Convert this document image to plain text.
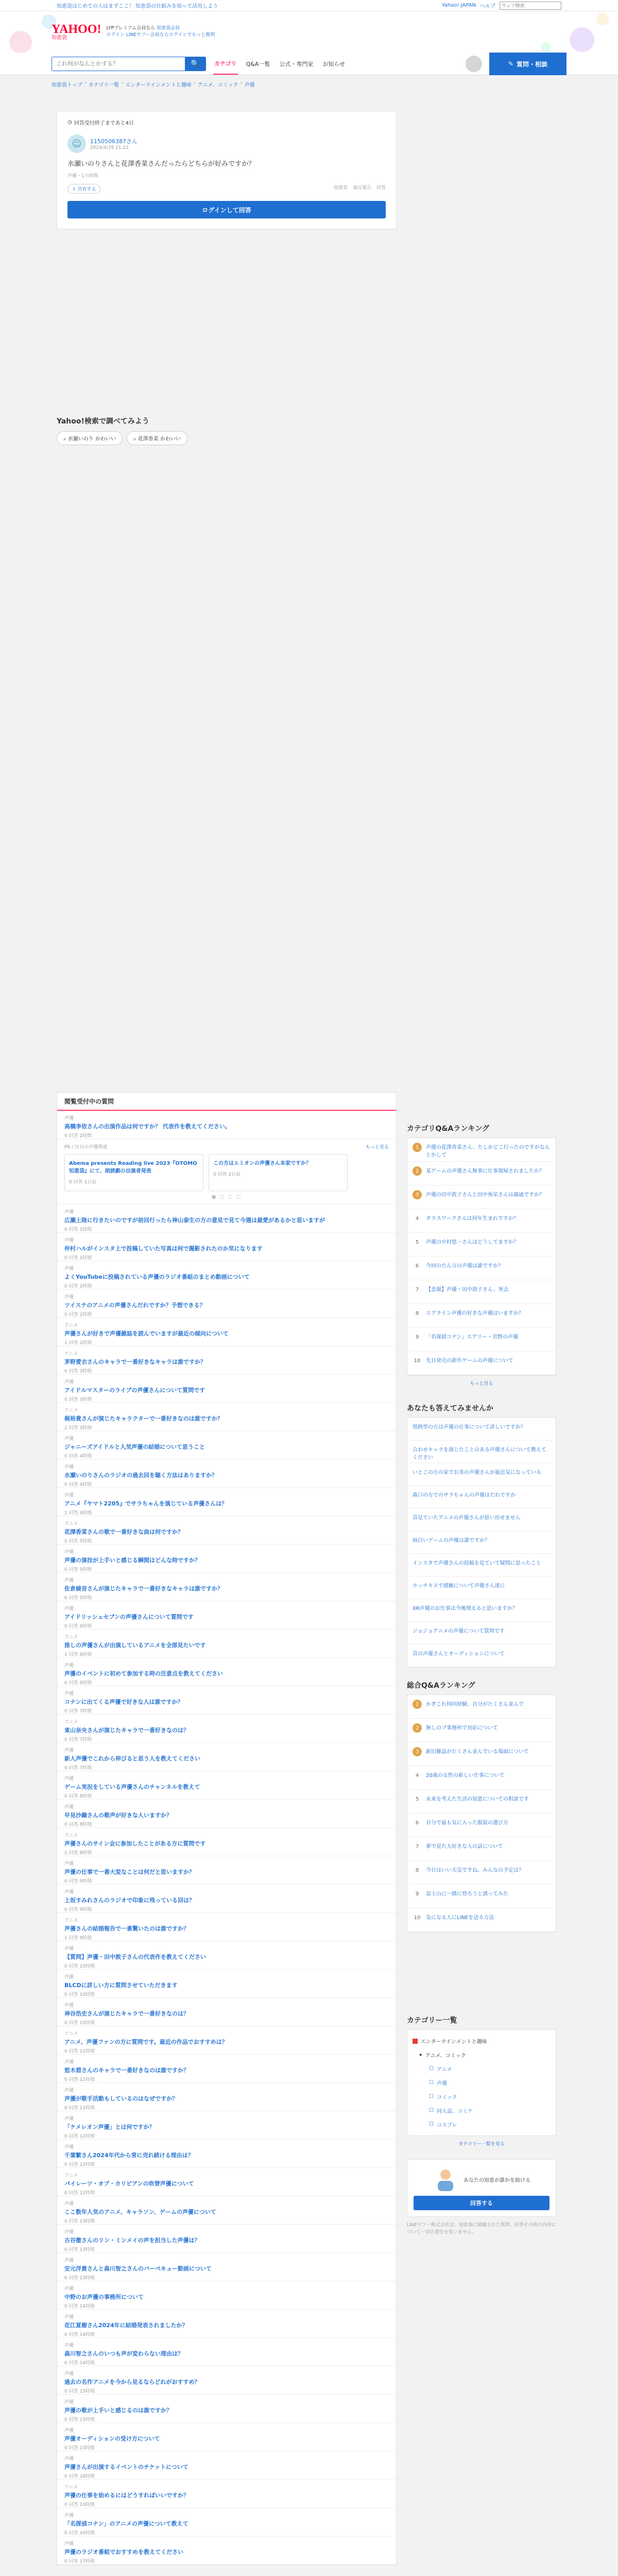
知恵袋はじめての人はまずここ！ 知恵袋の仕組みを知って活用しよう	Yahoo! JAPAN ヘルプ
ウェブ検索
YAHOO!
知恵袋
LYPプレミアム会員なら 知恵袋会員
ログイン LINEヤフー会員ならログインでもっと便利
これ何がなんとかする？
🔍	カテゴリ Q&A一覧 公式・専門家 お知らせ	✎ 質問・相談
知恵袋トップ › カテゴリ一覧 › エンターテインメントと趣味 › アニメ、コミック › 声優
◷ 回答受付終了まであと4日
☺	1150506387さん
2024/4/29 21:22
水瀬いのりさんと花澤香菜さんだったらどちらが好みですか？
声優・1小時間
⇪ 共有する	知恵袋 違反報告 回答
ログインして回答
Yahoo!検索で調べてみよう
⌕ 水瀬いのり かわいい	⌕ 花澤香菜 かわいい
閲覧受付中の質問
声優
高橋李依さんの出演作品は何ですか？ 代表作を教えてください。
0 回答 2時間
PR / 注目の声優関連	もっと見る
Abema presents Reading live 2023『OTOMO 知恵袋』にて、朗読劇の出演者発表
0 回答 1日前
この方はエミオンの声優さん本家ですか？
0 回答 2日前
● ○ ○ ○
声優
広瀬上陸に行きたいのですが前回行ったら神山泰生の方の意見で見て今週は最愛があるかと思いますが
0 回答 1時間
声優
仲村ハルがインスタ上で投稿していた写真は何で撮影されたのか気になります
0 回答 1時間
声優
よくYouTubeに投稿されている声優のラジオ番組のまとめ動画について
0 回答 2時間
声優
ツイステのアニメの声優さんだれですか？予想できる？
0 回答 2時間
アニメ
声優さんが好きで声優雑誌を読んでいますが最近の傾向について
1 回答 2時間
アニメ
茅野愛衣さんのキャラで一番好きなキャラは誰ですか？
0 回答 3時間
声優
アイドルマスターのライブの声優さんについて質問です
0 回答 3時間
アニメ
梶裕貴さんが演じたキャラクターで一番好きなのは誰ですか？
2 回答 3時間
声優
ジャニーズアイドルと人気声優の結婚について思うこと
0 回答 4時間
声優
水瀬いのりさんのラジオの過去回を聴く方法はありますか？
0 回答 4時間
声優
アニメ『ヤマト2205』でサラちゃんを演じている声優さんは？
1 回答 4時間
アニメ
花澤香菜さんの歌で一番好きな曲は何ですか？
0 回答 5時間
声優
声優の演技が上手いと感じる瞬間はどんな時ですか？
0 回答 5時間
声優
佐倉綾音さんが演じたキャラで一番好きなキャラは誰ですか？
0 回答 5時間
声優
アイドリッシュセブンの声優さんについて質問です
0 回答 6時間
アニメ
推しの声優さんが出演しているアニメを全部見たいです
1 回答 6時間
声優
声優のイベントに初めて参加する時の注意点を教えてください
0 回答 6時間
声優
コナンに出てくる声優で好きな人は誰ですか？
0 回答 7時間
アニメ
東山奈央さんが演じたキャラで一番好きなのは？
0 回答 7時間
声優
新人声優でこれから伸びると思う人を教えてください
0 回答 7時間
声優
ゲーム実況をしている声優さんのチャンネルを教えて
0 回答 8時間
声優
早見沙織さんの歌声が好きな人いますか？
0 回答 8時間
アニメ
声優さんのサイン会に参加したことがある方に質問です
2 回答 8時間
声優
声優の仕事で一番大変なことは何だと思いますか？
0 回答 9時間
声優
上坂すみれさんのラジオで印象に残っている回は？
0 回答 9時間
アニメ
声優さんの結婚報告で一番驚いたのは誰ですか？
1 回答 9時間
声優
【質問】声優・田中敦子さんの代表作を教えてください
0 回答 10時間
声優
BLCDに詳しい方に質問させていただきます
0 回答 10時間
声優
神谷浩史さんが演じたキャラで一番好きなのは？
0 回答 10時間
アニメ
アニメ、声優ファンの方に質問です。最近の作品でおすすめは？
0 回答 11時間
声優
悠木碧さんのキャラで一番好きなのは誰ですか？
0 回答 11時間
声優
声優が歌手活動もしているのはなぜですか？
0 回答 11時間
声優
「ケメレオン声優」とは何ですか？
0 回答 12時間
声優
千葉繁さん2024年代から常に売れ続ける理由は？
0 回答 12時間
アニメ
パイレーツ・オブ・カリビアンの吹替声優について
0 回答 12時間
声優
ここ数年人気のアニメ、キャラソン、ゲームの声優について
0 回答 13時間
声優
古谷徹さんのリン・ミンメイの声を担当した声優は？
0 回答 13時間
声優
安元洋貴さんと森川智之さんのバーベキュー動画について
0 回答 13時間
声優
中野のお声優の事務所について
0 回答 14時間
声優
花江夏樹さん2024年に結婚発表されましたか？
0 回答 14時間
声優
森川智之さんのいつも声が変わらない理由は？
0 回答 14時間
声優
過去の名作アニメを今から見るならどれがおすすめ？
0 回答 15時間
声優
声優の歌が上手いと感じるのは誰ですか？
0 回答 15時間
声優
声優オーディションの受け方について
0 回答 15時間
声優
声優さんが出演するイベントのチケットについて
0 回答 16時間
アニメ
声優の仕事を始めるにはどうすればいいですか？
0 回答 16時間
声優
「名探偵コナン」のアニメの声優について教えて
0 回答 16時間
声優
声優のラジオ番組でおすすめを教えてください
0 回答 17時間
カテゴリQ&Aランキング
1	声優の花澤香菜さん、たしかどこ行ったのですがなんとかして
2	某ゲームの声優さん無事に仕事復帰されましたか？
3	声優の田中敦子さんと田中角栄さんは親戚ですか？
4	タラスワークさんは何年生まれですか？
5	声優の中村悠一さんはどうしてますか？
6	今回のたん言の声優は誰ですか？
7	【悲報】声優・田中敦子さん、死去
8	エアライン声優の好きな声優はいますか？
9	「名探偵コナン」エアリー・宮野の声優
10 先日発売の新作ゲームの声優について
もっと見る
あなたも答えてみませんか
情熱型の方は声優の仕事について詳しいですか？
合わせキャラを演じたことのある声優さんについて教えてください
いとこの方の家でお茶の声優さんが最近気になっている
森口の方でのサラちゃんの声優はだれですか
昔見ていたアニメの声優さんが思い出せません
面白いゲームの声優は誰ですか？
インスタで声優さんの投稿を見ていて疑問に思ったこと
ホッチキスで感触について声優さん達に
XR声優のお仕事は今後増えると思いますか？
ジョジョアニメの声優について質問です
昔の声優さんとオーディションについて
総合Q&Aランキング
1	かぎこれ何回経験、自分がたくさん並んで
2	無しのプ事務所で対応について
3	新旧雑誌がたくさん並んでいる場面について
4	20歳の女性の新しい仕事について
5	未来を考えた生活の知恵についての相談です
6	自分で最も気に入った服装の選び方
7	夢で見た大好きな人の話について
8	今日はいい天気ですね、みんなの予定は？
9	富士山に一緒に登ろうと誘ってみた
10 気になる人にLINEを送る方法
カテゴリー一覧
エンターテインメントと趣味
▸ アニメ、コミック
☐ アニメ
☐ 声優
☐ コミック
☐ 同人誌、コミケ
☐ コスプレ
カテゴリー一覧を見る
あなたの知恵が誰かを助ける
回答する
LINEヤフー株式会社は、知恵袋に掲載された質問、回答その他の内容について一切の責任を負いません。
